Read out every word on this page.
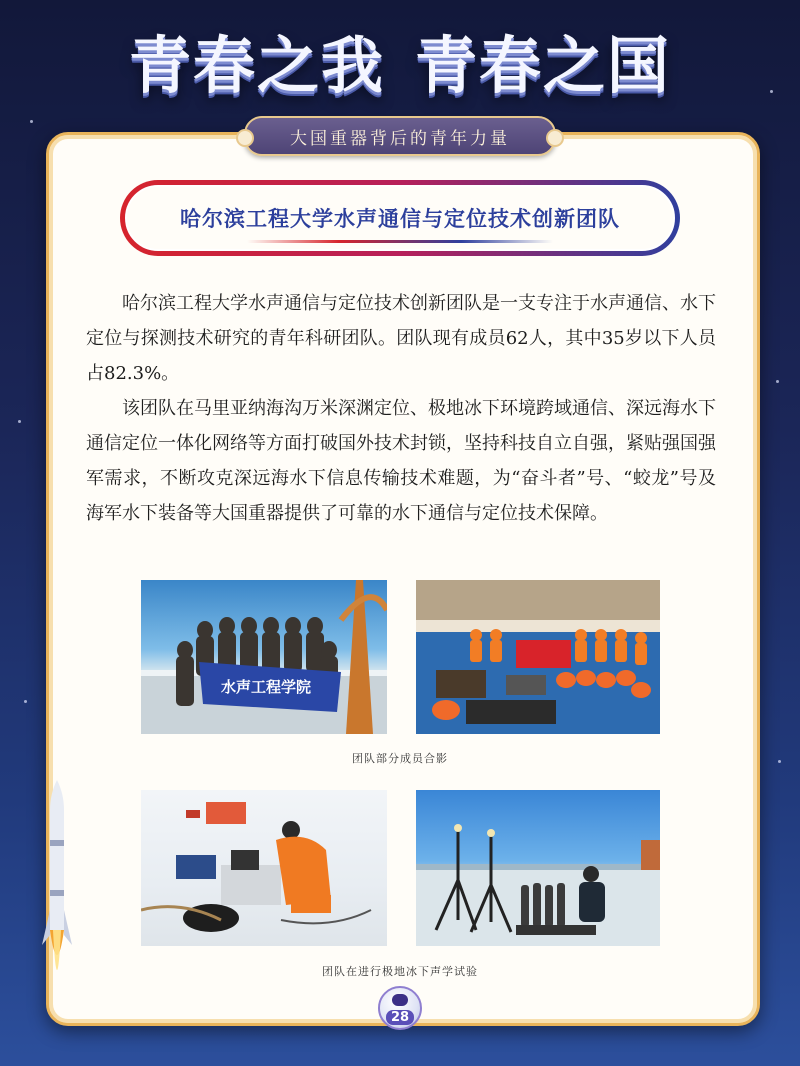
青春之我 青春之国
大国重器背后的青年力量
哈尔滨工程大学水声通信与定位技术创新团队

哈尔滨工程大学水声通信与定位技术创新团队是一支专注于水声通信、水下定位与探测技术研究的青年科研团队。团队现有成员62人，其中35岁以下人员占82.3%。

该团队在马里亚纳海沟万米深渊定位、极地冰下环境跨域通信、深远海水下通信定位一体化网络等方面打破国外技术封锁，坚持科技自立自强，紧贴强国强军需求，不断攻克深远海水下信息传输技术难题，为“奋斗者”号、“蛟龙”号及海军水下装备等大国重器提供了可靠的水下通信与定位技术保障。

水声工程学院
团队部分成员合影
团队在进行极地冰下声学试验
28
